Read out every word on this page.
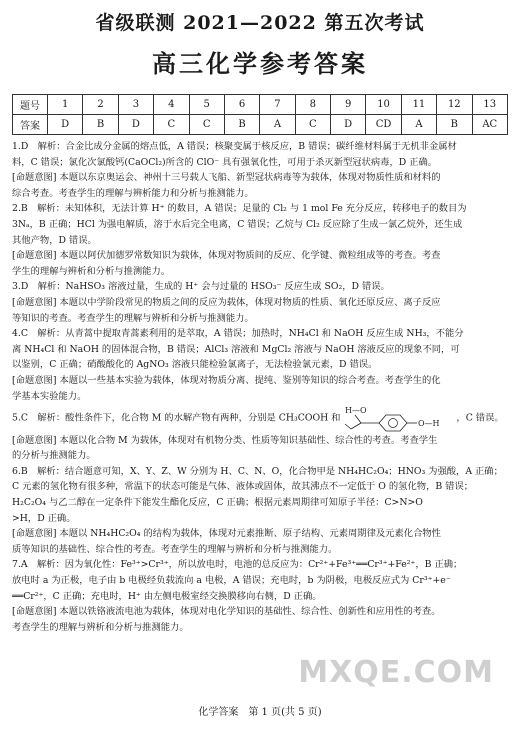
省级联测 2021—2022 第五次考试
高三化学参考答案
题号	1	2	3	4	5	6	7	8	9	10	11	12	13
答案	D	B	D	C	C	B	A	C	D	CD	A	B	AC

1.D　解析：合金比成分金属的熔点低，A 错误；核聚变属于核反应，B 错误；碳纤维材料属于无机非金属材

料，C 错误；氯化次氯酸钙(CaOCl₂)所含的 ClO⁻ 具有强氧化性，可用于杀灭新型冠状病毒，D 正确。

[命题意图] 本题以东京奥运会、神州十三号载人飞船、新型冠状病毒等为载体，体现对物质性质和材料的

综合考查。考查学生的理解与辨析能力和分析与推测能力。

2.B　解析：未知体积，无法计算 H⁺ 的数目，A 错误；足量的 Cl₂ 与 1 mol Fe 充分反应，转移电子的数目为

3Nₐ，B 正确；HCl 为强电解质，溶于水后完全电离，C 错误；乙烷与 Cl₂ 反应除了生成一氯乙烷外，还生成

其他产物，D 错误。

[命题意图] 本题以阿伏加德罗常数知识为载体，体现对物质间的反应、化学键、微粒组成等的考查。考查

学生的理解与辨析和分析与推测能力。

3.D　解析：NaHSO₃ 溶液过量，生成的 H⁺ 会与过量的 HSO₃⁻ 反应生成 SO₂，D 错误。

[命题意图] 本题以中学阶段常见的物质之间的反应为载体，体现对物质的性质、氧化还原反应、离子反应

等知识的考查。考查学生的理解与辨析和分析与推测能力。

4.C　解析：从青蒿中提取青蒿素利用的是萃取，A 错误；加热时，NH₄Cl 和 NaOH 反应生成 NH₃，不能分

离 NH₄Cl 和 NaOH 的固体混合物，B 错误；AlCl₃ 溶液和 MgCl₂ 溶液与 NaOH 溶液反应的现象不同，可

以鉴别，C 正确；硝酸酸化的 AgNO₃ 溶液只能检验氯离子，无法检验氯元素，D 错误。

[命题意图] 本题以一些基本实验为载体，体现对物质分离、提纯、鉴别等知识的综合考查。考查学生的化

学基本实验能力。

5.C　解析：酸性条件下，化合物 M 的水解产物有两种，分别是 CH₃COOH 和
H—O
O—H ，C 错误。

[命题意图] 本题以化合物 M 为载体，体现对有机物分类、性质等知识基础性、综合性的考查。考查学生

的分析与推测能力。

6.B　解析：结合题意可知，X、Y、Z、W 分别为 H、C、N、O，化合物甲是 NH₄HC₂O₄；HNO₃ 为强酸，A 正确；

C 元素的氢化物有很多种，常温下的状态可能是气体、液体或固体，故其沸点不一定低于 O 的氢化物，B 错误；

H₂C₂O₄ 与乙二醇在一定条件下能发生酯化反应，C 正确；根据元素周期律可知原子半径：C>N>O

>H，D 正确。

[命题意图] 本题以 NH₄HC₂O₄ 的结构为载体，体现对元素推断、原子结构、元素周期律及元素化合物性

质等知识的基础性、综合性的考查。考查学生的理解与辨析和分析与推测能力。

7.A　解析：因为氧化性：Fe³⁺>Cr³⁺，所以放电时，电池的总反应为：Cr²⁺+Fe³⁺══Cr³⁺+Fe²⁺，B 正确；

放电时 a 为正极，电子由 b 电极经负载流向 a 电极，A 错误；充电时，b 为阴极，电极反应式为 Cr³⁺+e⁻

══Cr²⁺，C 正确；充电时，H⁺ 由左侧电极室经交换膜移向右侧，D 正确。

[命题意图] 本题以铁铬液流电池为载体，体现对电化学知识的基础性、综合性、创新性和应用性的考查。

考查学生的理解与辨析和分析与推测能力。

MXQE.COM
化学答案　第 1 页(共 5 页)
